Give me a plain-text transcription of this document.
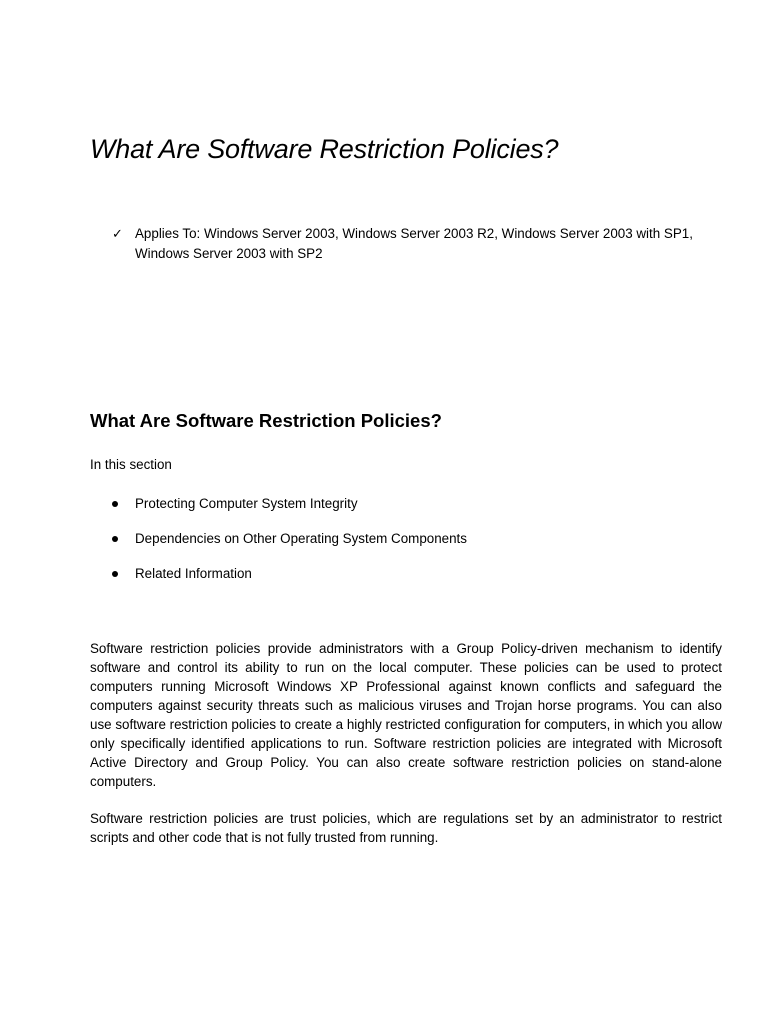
What Are Software Restriction Policies?
✓ Applies To: Windows Server 2003, Windows Server 2003 R2, Windows Server 2003 with SP1, Windows Server 2003 with SP2
What Are Software Restriction Policies?
In this section
Protecting Computer System Integrity
Dependencies on Other Operating System Components
Related Information

Software restriction policies provide administrators with a Group Policy-driven mechanism to identify software and control its ability to run on the local computer. These policies can be used to protect computers running Microsoft Windows XP Professional against known conflicts and safeguard the computers against security threats such as malicious viruses and Trojan horse programs. You can also use software restriction policies to create a highly restricted configuration for computers, in which you allow only specifically identified applications to run. Software restriction policies are integrated with Microsoft Active Directory and Group Policy. You can also create software restriction policies on stand-alone computers.

Software restriction policies are trust policies, which are regulations set by an administrator to restrict scripts and other code that is not fully trusted from running.
